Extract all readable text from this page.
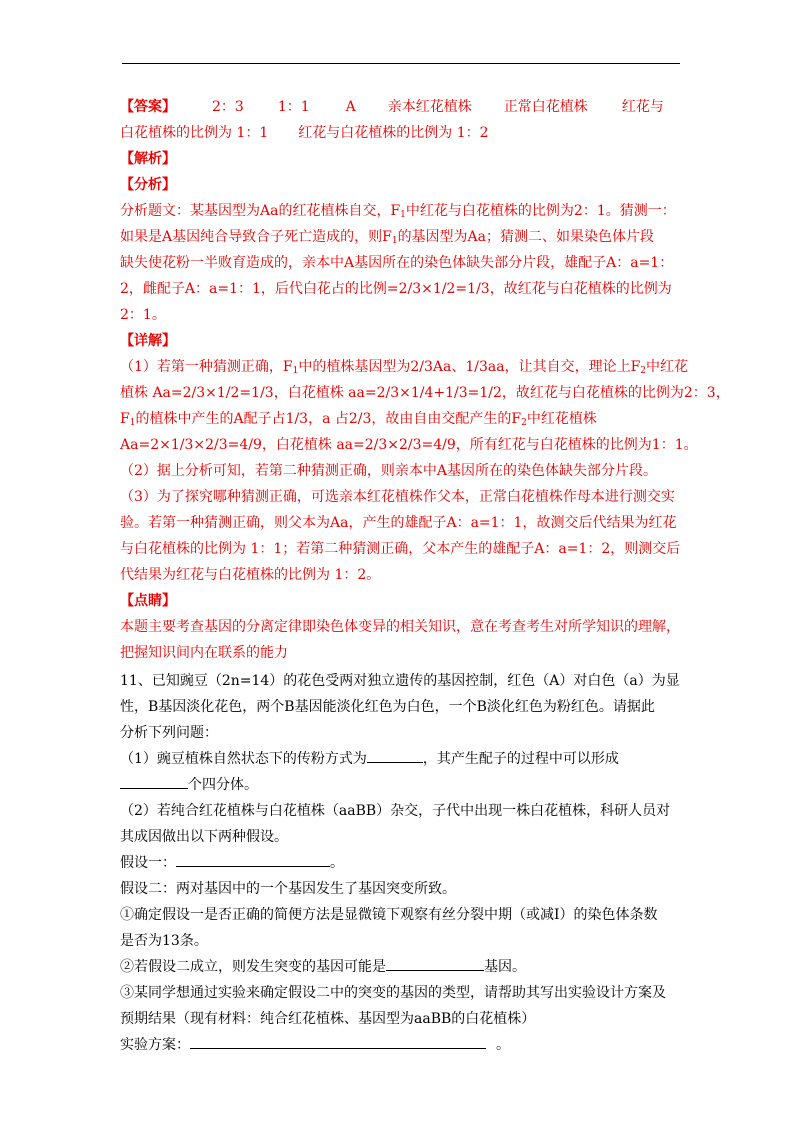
【答案】	2：3 1：1	A 亲本红花植株 正常白花植株 红花与
白花植株的比例为 1：1 红花与白花植株的比例为 1：2
【解析】
【分析】
分析题文：某基因型为Aa的红花植株自交，$F_1$中红花与白花植株的比例为2：1。猜测一：
如果是A基因纯合导致合子死亡造成的，则$F_1$的基因型为Aa；猜测二、如果染色体片段
缺失使花粉一半败育造成的，亲本中A基因所在的染色体缺失部分片段，雄配子A：a=1：
2，雌配子A：a=1：1，后代白花占的比例=2/3×1/2=1/3，故红花与白花植株的比例为
2：1。
【详解】
（1）若第一种猜测正确，$F_1$中的植株基因型为2/3Aa、1/3aa，让其自交，理论上$F_2$中红花
植株 Aa=2/3×1/2=1/3，白花植株 aa=2/3×1/4+1/3=1/2，故红花与白花植株的比例为2：3，
$F_1$的植株中产生的A配子占1/3，a 占2/3，故由自由交配产生的$F_2$中红花植株
Aa=2×1/3×2/3=4/9，白花植株 aa=2/3×2/3=4/9，所有红花与白花植株的比例为1：1。
（2）据上分析可知，若第二种猜测正确，则亲本中A基因所在的染色体缺失部分片段。
（3）为了探究哪种猜测正确，可选亲本红花植株作父本，正常白花植株作母本进行测交实
验。若第一种猜测正确，则父本为Aa，产生的雄配子A：a=1：1，故测交后代结果为红花
与白花植株的比例为 1：1；若第二种猜测正确，父本产生的雄配子A：a=1：2，则测交后
代结果为红花与白花植株的比例为 1：2。
【点睛】
本题主要考查基因的分离定律即染色体变异的相关知识，意在考查考生对所学知识的理解，
把握知识间内在联系的能力
11、已知豌豆（2n=14）的花色受两对独立遗传的基因控制，红色（A）对白色（a）为显
性，B基因淡化花色，两个B基因能淡化红色为白色，一个B淡化红色为粉红色。请据此
分析下列问题：
（1）豌豆植株自然状态下的传粉方式为	，其产生配子的过程中可以形成
个四分体。
（2）若纯合红花植株与白花植株（aaBB）杂交，子代中出现一株白花植株，科研人员对
其成因做出以下两种假设。
假设一：	。
假设二：两对基因中的一个基因发生了基因突变所致。
①确定假设一是否正确的简便方法是显微镜下观察有丝分裂中期（或减Ⅰ）的染色体条数
是否为13条。
②若假设二成立，则发生突变的基因可能是	基因。
③某同学想通过实验来确定假设二中的突变的基因的类型，请帮助其写出实验设计方案及
预期结果（现有材料：纯合红花植株、基因型为aaBB的白花植株）
实验方案：	。
